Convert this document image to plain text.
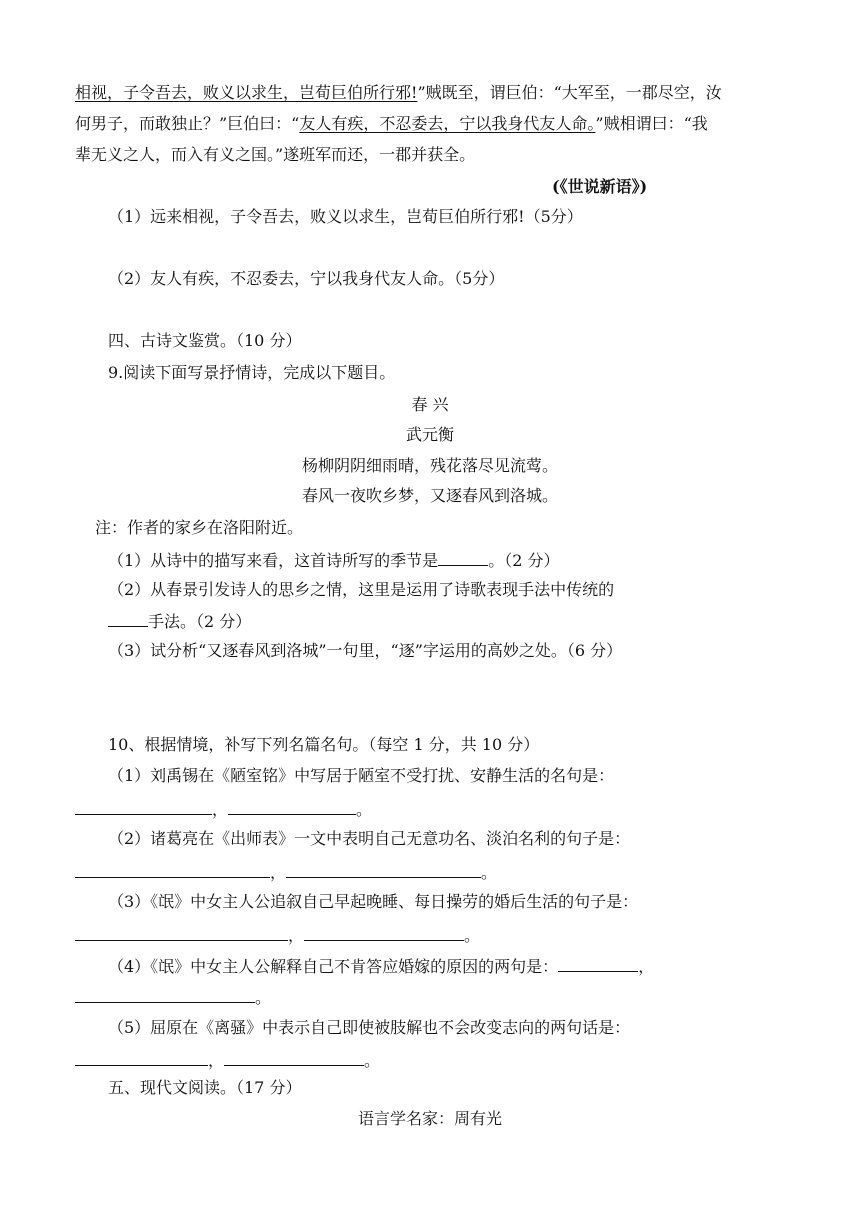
相视，子令吾去，败义以求生，岂荀巨伯所行邪!”贼既至，谓巨伯：“大军至，一郡尽空，汝
何男子，而敢独止？”巨伯曰：“友人有疾，不忍委去，宁以我身代友人命。”贼相谓曰：“我
辈无义之人，而入有义之国。”遂班军而还，一郡并获全。
(《世说新语》)
（1）远来相视，子令吾去，败义以求生，岂荀巨伯所行邪!（5分）
（2）友人有疾，不忍委去，宁以我身代友人命。（5分）
四、古诗文鉴赏。（10 分）
9.阅读下面写景抒情诗，完成以下题目。
春 兴
武元衡
杨柳阴阴细雨晴，残花落尽见流莺。
春风一夜吹乡梦，又逐春风到洛城。
注：作者的家乡在洛阳附近。
（1）从诗中的描写来看，这首诗所写的季节是	。（2 分）
（2）从春景引发诗人的思乡之情，这里是运用了诗歌表现手法中传统的
手法。（2 分）
（3）试分析“又逐春风到洛城”一句里，“逐”字运用的高妙之处。（6 分）
10、根据情境，补写下列名篇名句。（每空 1 分，共 10 分）
（1）刘禹锡在《陋室铭》中写居于陋室不受打扰、安静生活的名句是：
，	。
（2）诸葛亮在《出师表》一文中表明自己无意功名、淡泊名利的句子是：
，	。
（3）《氓》中女主人公追叙自己早起晚睡、每日操劳的婚后生活的句子是：
，	。
（4）《氓》中女主人公解释自己不肯答应婚嫁的原因的两句是：	，
。
（5）屈原在《离骚》中表示自己即使被肢解也不会改变志向的两句话是：
，	。
五、现代文阅读。（17 分）
语言学名家：周有光
